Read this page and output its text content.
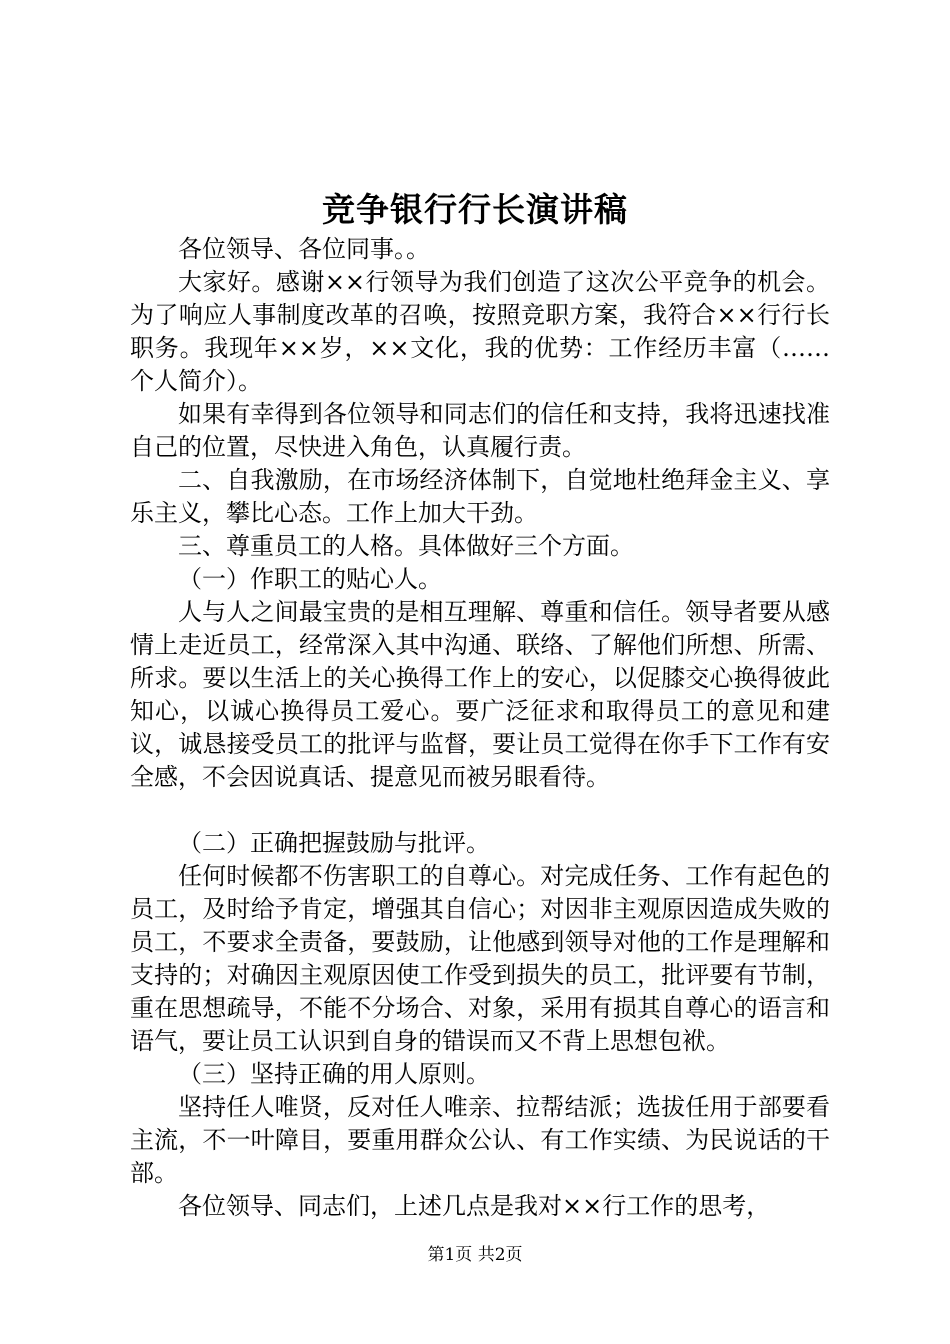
竞争银行行长演讲稿

各位领导、各位同事。。

大家好。感谢××行领导为我们创造了这次公平竞争的机会。为了响应人事制度改革的召唤，按照竞职方案，我符合××行行长职务。我现年××岁，××文化，我的优势：工作经历丰富（……个人简介）。

如果有幸得到各位领导和同志们的信任和支持，我将迅速找准自己的位置，尽快进入角色，认真履行责。

二、自我激励，在市场经济体制下，自觉地杜绝拜金主义、享乐主义，攀比心态。工作上加大干劲。

三、尊重员工的人格。具体做好三个方面。

（一）作职工的贴心人。

人与人之间最宝贵的是相互理解、尊重和信任。领导者要从感情上走近员工，经常深入其中沟通、联络、了解他们所想、所需、所求。要以生活上的关心换得工作上的安心，以促膝交心换得彼此知心，以诚心换得员工爱心。要广泛征求和取得员工的意见和建议，诚恳接受员工的批评与监督，要让员工觉得在你手下工作有安全感，不会因说真话、提意见而被另眼看待。

（二）正确把握鼓励与批评。

任何时候都不伤害职工的自尊心。对完成任务、工作有起色的员工，及时给予肯定，增强其自信心；对因非主观原因造成失败的员工，不要求全责备，要鼓励，让他感到领导对他的工作是理解和支持的；对确因主观原因使工作受到损失的员工，批评要有节制，重在思想疏导，不能不分场合、对象，采用有损其自尊心的语言和语气，要让员工认识到自身的错误而又不背上思想包袱。

（三）坚持正确的用人原则。

坚持任人唯贤，反对任人唯亲、拉帮结派；选拔任用于部要看主流，不一叶障目，要重用群众公认、有工作实绩、为民说话的干部。

各位领导、同志们，上述几点是我对××行工作的思考，

第1页 共2页
